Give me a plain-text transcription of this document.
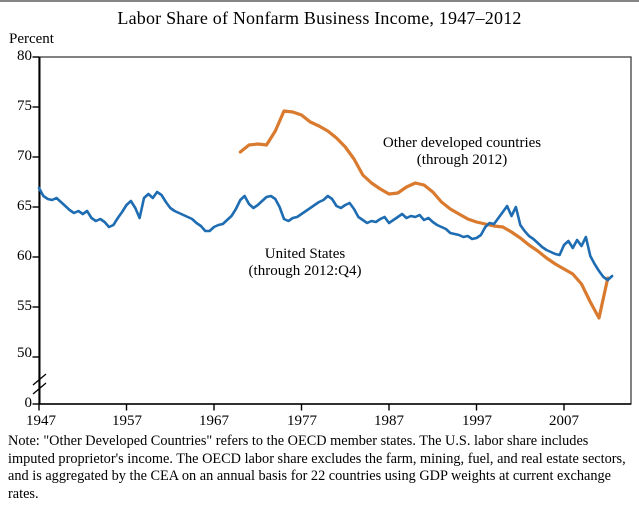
Labor Share of Nonfarm Business Income, 1947–2012
Percent
80
75
70
65
60
55
50
0
1947	1957	1967	1977	1987	1997	2007
Other developed countries
(through 2012)
United States
(through 2012:Q4)
Note: "Other Developed Countries" refers to the OECD member states. The U.S. labor share includes imputed proprietor's income. The OECD labor share excludes the farm, mining, fuel, and real estate sectors, and is aggregated by the CEA on an annual basis for 22 countries using GDP weights at current exchange rates.
